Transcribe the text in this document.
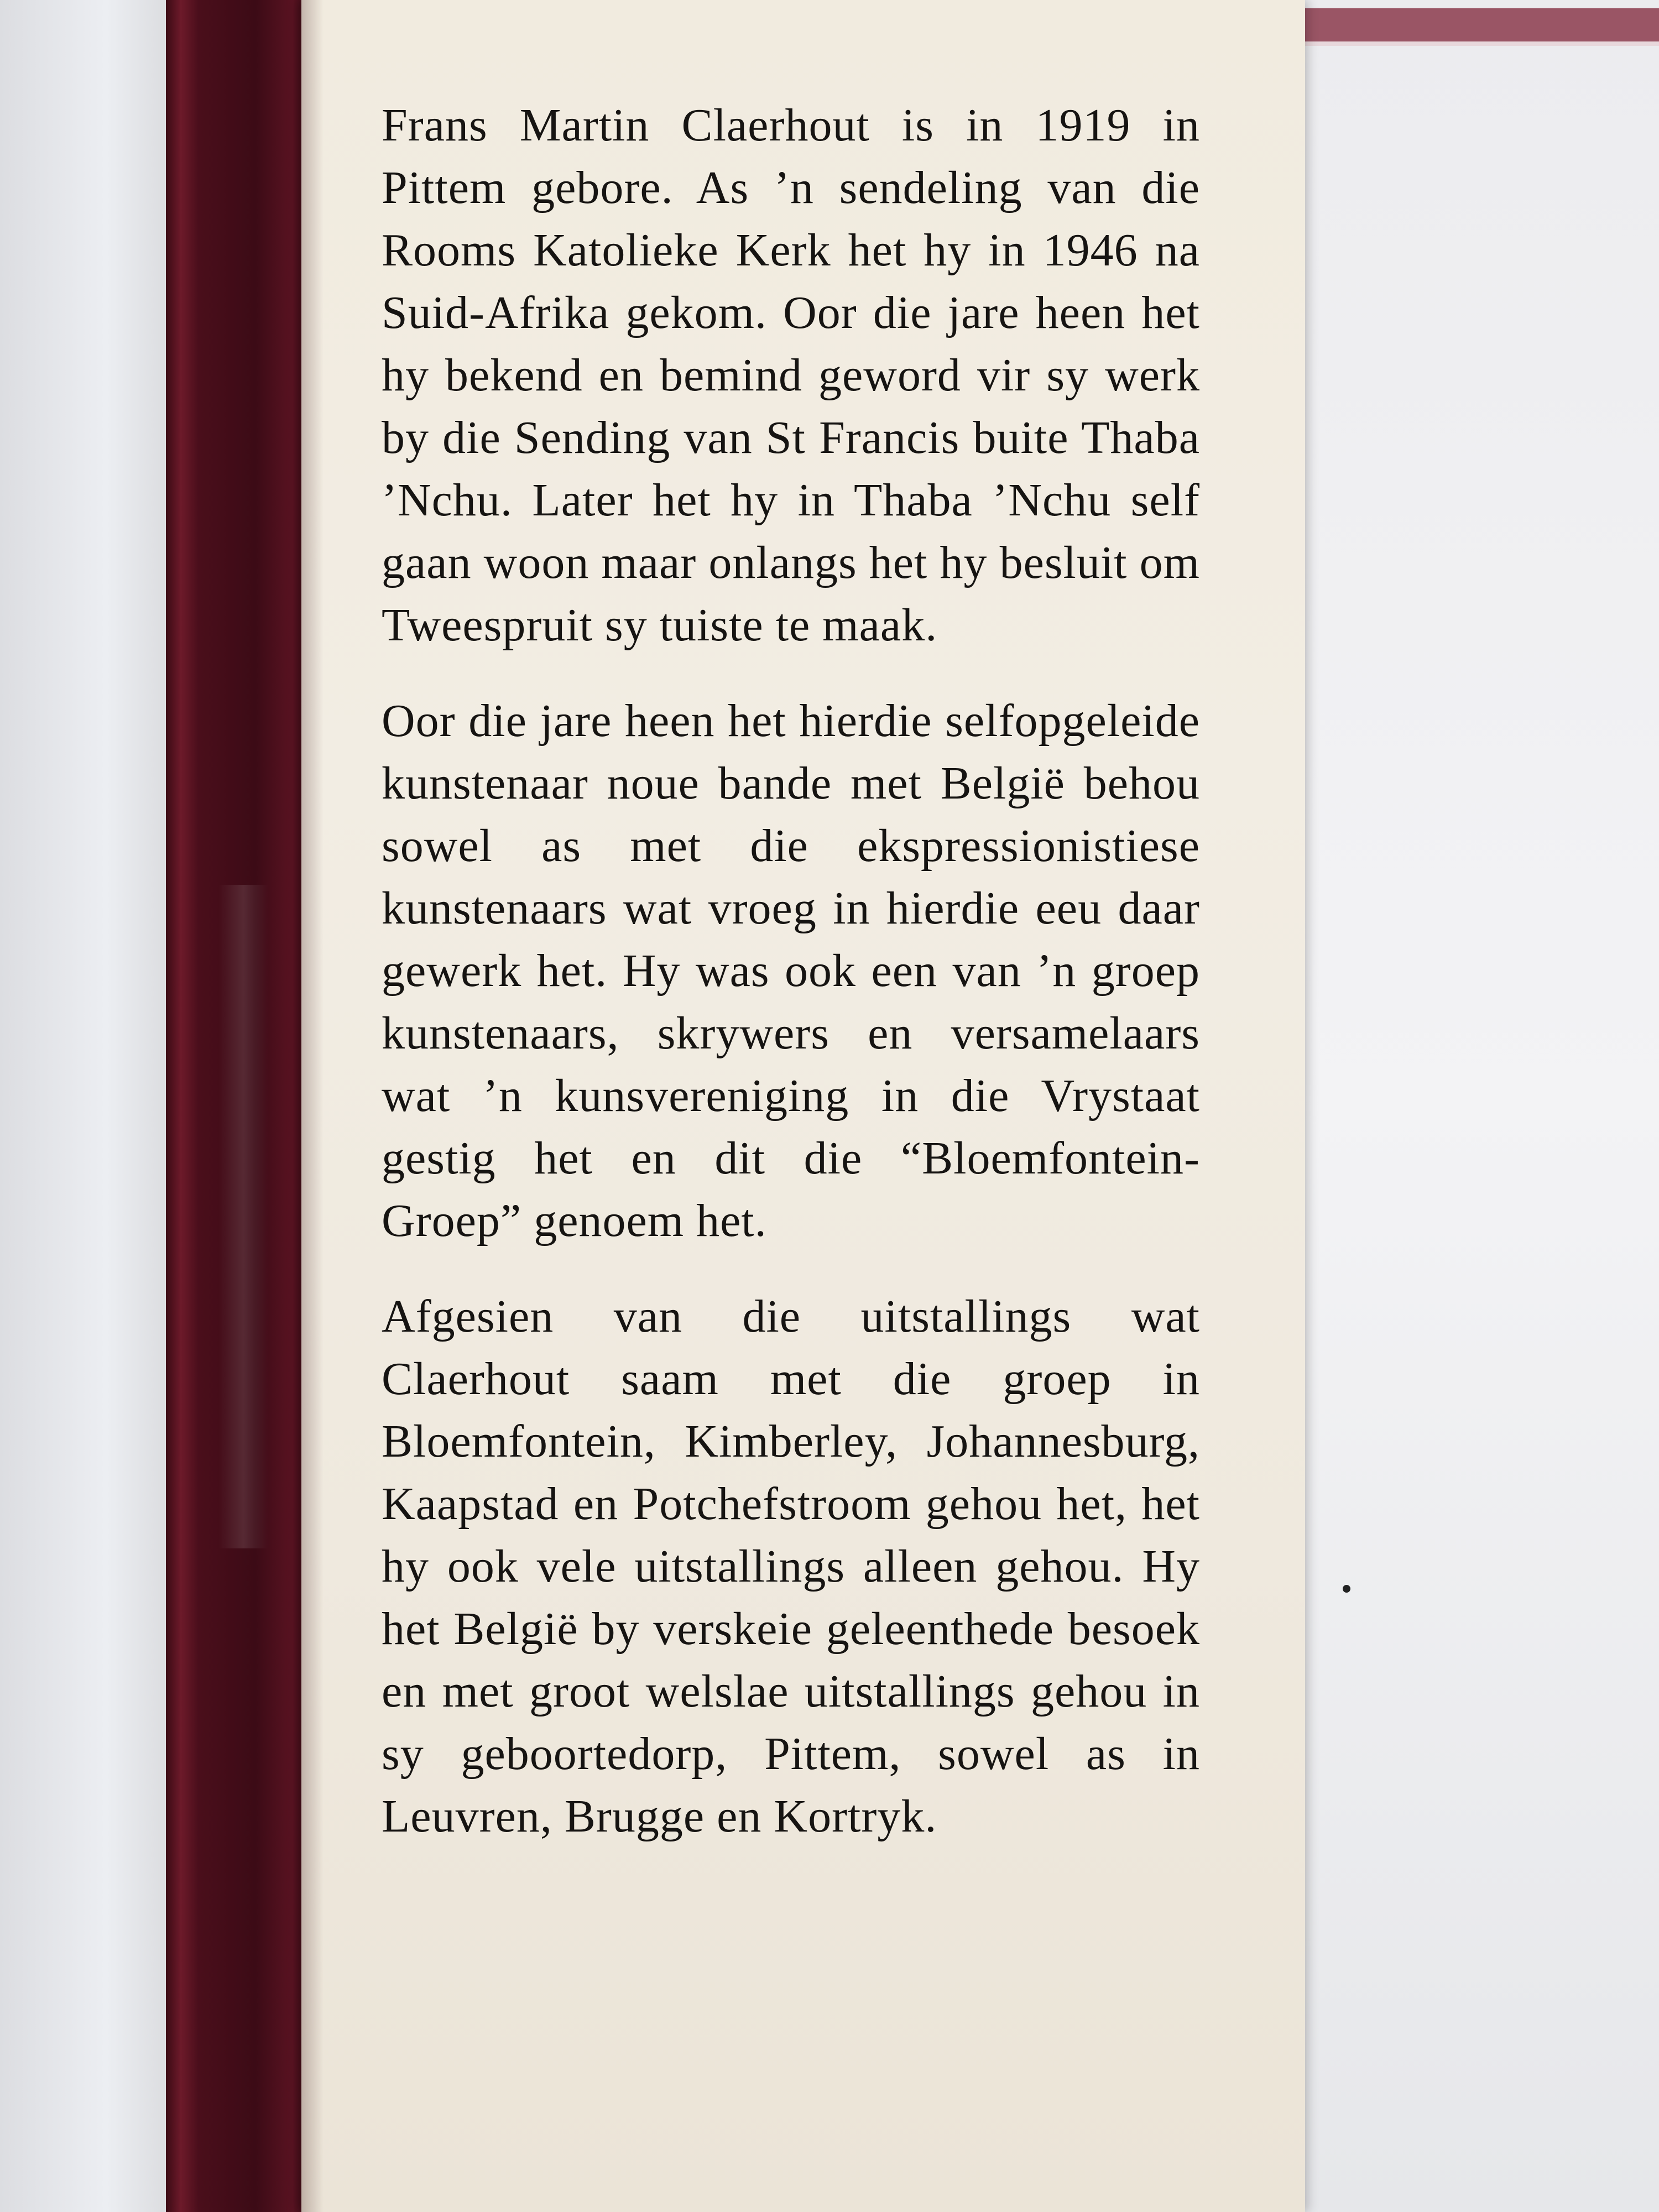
Frans Martin Claerhout is in 1919 in Pittem gebore. As ’n sendeling van die Rooms Katolieke Kerk het hy in 1946 na Suid-Afrika gekom. Oor die jare heen het hy bekend en bemind geword vir sy werk by die Sending van St Francis buite Thaba ’Nchu. Later het hy in Thaba ’Nchu self gaan woon maar onlangs het hy besluit om Tweespruit sy tuiste te maak.

Oor die jare heen het hierdie selfopgeleide kunstenaar noue bande met België behou sowel as met die ekspressionistiese kunstenaars wat vroeg in hierdie eeu daar gewerk het. Hy was ook een van ’n groep kunstenaars, skrywers en versamelaars wat ’n kunsvereniging in die Vrystaat gestig het en dit die “Bloemfontein-Groep” genoem het.

Afgesien van die uitstallings wat Claerhout saam met die groep in Bloemfontein, Kimberley, Johannesburg, Kaapstad en Potchefstroom gehou het, het hy ook vele uitstallings alleen gehou. Hy het België by verskeie geleenthede besoek en met groot welslae uitstallings gehou in sy geboortedorp, Pittem, sowel as in Leuvren, Brugge en Kortryk.
